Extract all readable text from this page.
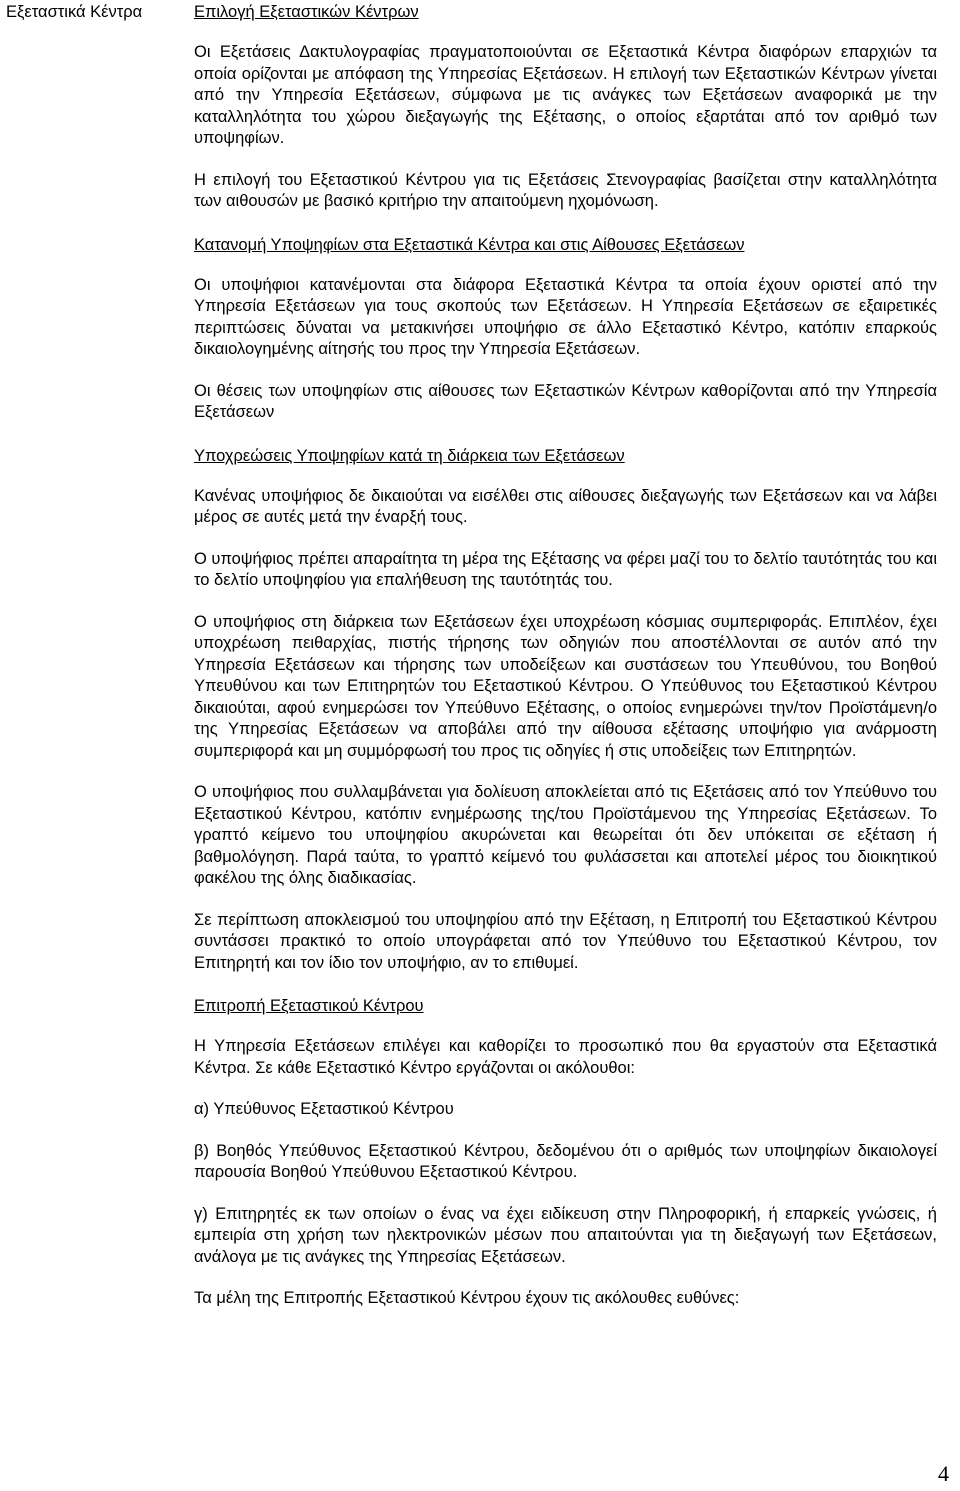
Εξεταστικά Κέντρα	Επιλογή Εξεταστικών Κέντρων
Οι Εξετάσεις Δακτυλογραφίας πραγματοποιούνται σε Εξεταστικά Κέντρα διαφόρων επαρχιών τα οποία ορίζονται με απόφαση της Υπηρεσίας Εξετάσεων. Η επιλογή των Εξεταστικών Κέντρων γίνεται από την Υπηρεσία Εξετάσεων, σύμφωνα με τις ανάγκες των Εξετάσεων αναφορικά με την καταλληλότητα του χώρου διεξαγωγής της Εξέτασης, ο οποίος εξαρτάται από τον αριθμό των υποψηφίων.
Η επιλογή του Εξεταστικού Κέντρου για τις Εξετάσεις Στενογραφίας βασίζεται στην καταλληλότητα των αιθουσών με βασικό κριτήριο την απαιτούμενη ηχομόνωση.
Κατανομή Υποψηφίων στα Εξεταστικά Κέντρα και στις Αίθουσες Εξετάσεων
Οι υποψήφιοι κατανέμονται στα διάφορα Εξεταστικά Κέντρα τα οποία έχουν οριστεί από την Υπηρεσία Εξετάσεων για τους σκοπούς των Εξετάσεων. Η Υπηρεσία Εξετάσεων σε εξαιρετικές περιπτώσεις δύναται να μετακινήσει υποψήφιο σε άλλο Εξεταστικό Κέντρο, κατόπιν επαρκούς δικαιολογημένης αίτησής του προς την Υπηρεσία Εξετάσεων.
Οι θέσεις των υποψηφίων στις αίθουσες των Εξεταστικών Κέντρων καθορίζονται από την Υπηρεσία Εξετάσεων
Υποχρεώσεις Υποψηφίων κατά τη διάρκεια των Εξετάσεων
Κανένας υποψήφιος δε δικαιούται να εισέλθει στις αίθουσες διεξαγωγής των Εξετάσεων και να λάβει μέρος σε αυτές μετά την έναρξή τους.
Ο υποψήφιος πρέπει απαραίτητα τη μέρα της Εξέτασης να φέρει μαζί του το δελτίο ταυτότητάς του και το δελτίο υποψηφίου για επαλήθευση της ταυτότητάς του.
Ο υποψήφιος στη διάρκεια των Εξετάσεων έχει υποχρέωση κόσμιας συμπεριφοράς. Επιπλέον, έχει υποχρέωση πειθαρχίας, πιστής τήρησης των οδηγιών που αποστέλλονται σε αυτόν από την Υπηρεσία Εξετάσεων και τήρησης των υποδείξεων και συστάσεων του Υπευθύνου, του Βοηθού Υπευθύνου και των Επιτηρητών του Εξεταστικού Κέντρου. Ο Υπεύθυνος του Εξεταστικού Κέντρου δικαιούται, αφού ενημερώσει τον Υπεύθυνο Εξέτασης, ο οποίος ενημερώνει την/τον Προϊστάμενη/ο της Υπηρεσίας Εξετάσεων να αποβάλει από την αίθουσα εξέτασης υποψήφιο για ανάρμοστη συμπεριφορά και μη συμμόρφωσή του προς τις οδηγίες ή στις υποδείξεις των Επιτηρητών.
Ο υποψήφιος που συλλαμβάνεται για δολίευση αποκλείεται από τις Εξετάσεις από τον Υπεύθυνο του Εξεταστικού Κέντρου, κατόπιν ενημέρωσης της/του Προϊστάμενου της Υπηρεσίας Εξετάσεων. Το γραπτό κείμενο του υποψηφίου ακυρώνεται και θεωρείται ότι δεν υπόκειται σε εξέταση ή βαθμολόγηση. Παρά ταύτα, το γραπτό κείμενό του φυλάσσεται και αποτελεί μέρος του διοικητικού φακέλου της όλης διαδικασίας.
Σε περίπτωση αποκλεισμού του υποψηφίου από την Εξέταση, η Επιτροπή του Εξεταστικού Κέντρου συντάσσει πρακτικό το οποίο υπογράφεται από τον Υπεύθυνο του Εξεταστικού Κέντρου, τον Επιτηρητή και τον ίδιο τον υποψήφιο, αν το επιθυμεί.
Επιτροπή Εξεταστικού Κέντρου
Η Υπηρεσία Εξετάσεων επιλέγει και καθορίζει το προσωπικό που θα εργαστούν στα Εξεταστικά Κέντρα. Σε κάθε Εξεταστικό Κέντρο εργάζονται οι ακόλουθοι:
α) Υπεύθυνος Εξεταστικού Κέντρου
β) Βοηθός Υπεύθυνος Εξεταστικού Κέντρου, δεδομένου ότι ο αριθμός των υποψηφίων δικαιολογεί παρουσία Βοηθού Υπεύθυνου Εξεταστικού Κέντρου.
γ) Επιτηρητές εκ των οποίων ο ένας να έχει ειδίκευση στην Πληροφορική, ή επαρκείς γνώσεις, ή εμπειρία στη χρήση των ηλεκτρονικών μέσων που απαιτούνται για τη διεξαγωγή των Εξετάσεων, ανάλογα με τις ανάγκες της Υπηρεσίας Εξετάσεων.
Τα μέλη της Επιτροπής Εξεταστικού Κέντρου έχουν τις ακόλουθες ευθύνες:
4
